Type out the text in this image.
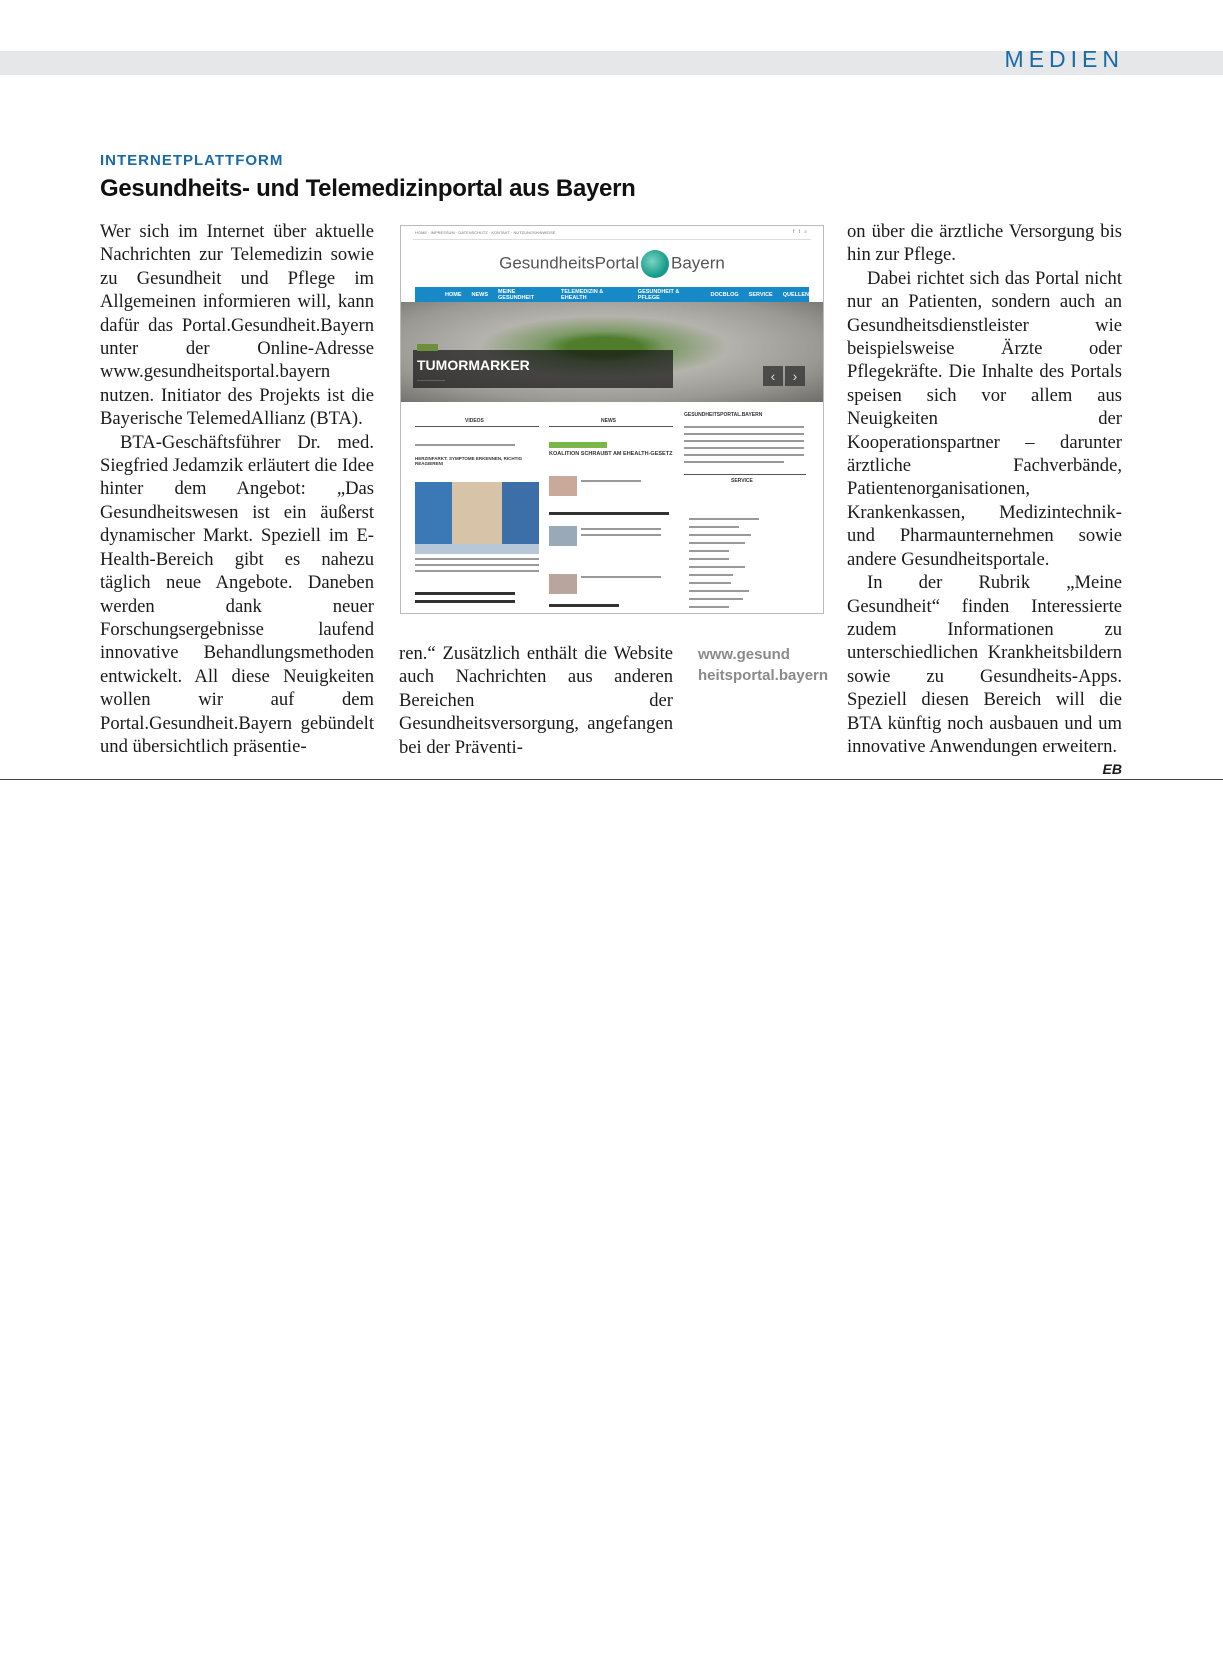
MEDIEN
INTERNETPLATTFORM
Gesundheits- und Telemedizinportal aus Bayern

Wer sich im Internet über aktuelle Nachrichten zur Telemedizin sowie zu Gesundheit und Pflege im Allgemeinen informieren will, kann dafür das Portal.Gesundheit.Bayern unter der Online-Adresse www.gesundheitsportal.bayern nutzen. Initiator des Projekts ist die Bayerische TelemedAllianz (BTA).

BTA-Geschäftsführer Dr. med. Siegfried Jedamzik erläutert die Idee hinter dem Angebot: „Das Gesundheitswesen ist ein äußerst dynamischer Markt. Speziell im E-Health-Bereich gibt es nahezu täglich neue Angebote. Daneben werden dank neuer Forschungsergebnisse laufend innovative Behandlungsmethoden entwickelt. All diese Neuigkeiten wollen wir auf dem Portal.Gesundheit.Bayern gebündelt und übersichtlich präsentie-

HOME · IMPRESSUM · DATENSCHUTZ · KONTAKT · NUTZUNGSHINWEISE	f   t   ⌕
GesundheitsPortal Bayern
HOME NEWS MEINE GESUNDHEIT
TELEMEDIZIN & EHEALTH
GESUNDHEIT & PFLEGE	DOCBLOG SERVICE QUELLEN

TUMORMARKER
———————	‹ ›
VIDEOS	NEWS
GESUNDHEITSPORTAL.BAYERN
HERZINFARKT: SYMPTOME ERKENNEN, RICHTIG REAGIEREN!
KOALITION SCHRAUBT AM EHEALTH-GESETZ
SERVICE

ren.“ Zusätzlich enthält die Website auch Nachrichten aus anderen Bereichen der Gesundheitsversorgung, angefangen bei der Präventi-

www.gesund
heitsportal.bayern

on über die ärztliche Versorgung bis hin zur Pflege.

Dabei richtet sich das Portal nicht nur an Patienten, sondern auch an Gesundheitsdienstleister wie beispielsweise Ärzte oder Pflegekräfte. Die Inhalte des Portals speisen sich vor allem aus Neuigkeiten der Kooperationspartner – darunter ärztliche Fachverbände, Patientenorganisationen, Krankenkassen, Medizintechnik- und Pharmaunternehmen sowie andere Gesundheitsportale.

In der Rubrik „Meine Gesundheit“ finden Interessierte zudem Informationen zu unterschiedlichen Krankheitsbildern sowie zu Gesundheits-Apps. Speziell diesen Bereich will die BTA künftig noch ausbauen und um innovative Anwendungen erweitern.
EB
